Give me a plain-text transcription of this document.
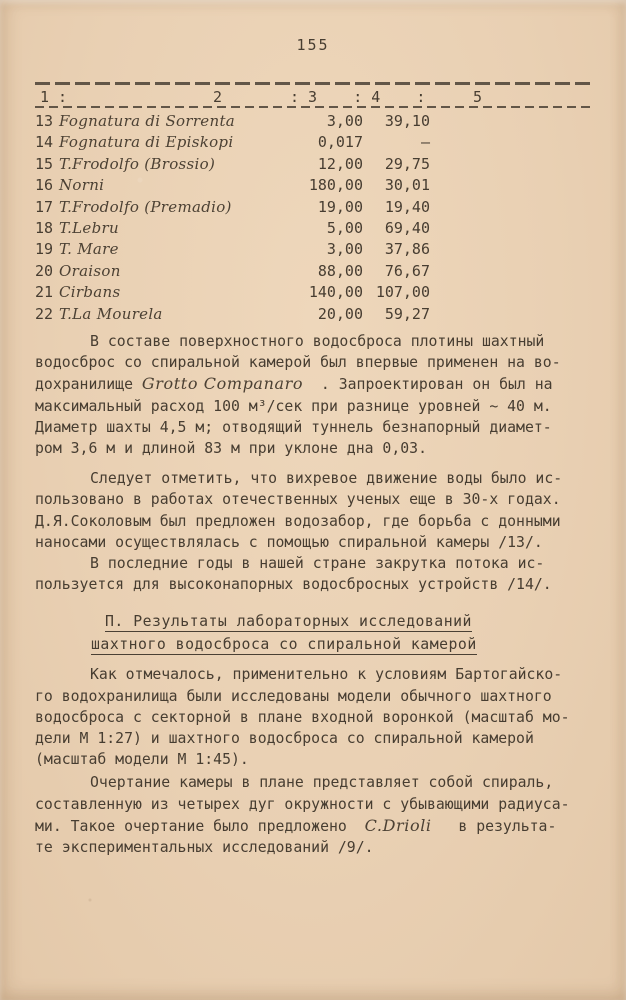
155
1 :	2	: 3    : 4    :	5
13 Fognatura di Sorrenta	3,00	39,10
14 Fognatura di Episkopi	0,017	–
15 T.Frodolfo (Brossio)	12,00	29,75
16 Norni	180,00	30,01
17 T.Frodolfo (Premadio)	19,00	19,40
18 T.Lebru	5,00	69,40
19 T. Mare	3,00	37,86
20 Oraison	88,00	76,67
21 Cirbans	140,00 107,00
22 T.La Mourela	20,00	59,27
В составе поверхностного водосброса плотины шахтный
водосброс со спиральной камерой был впервые применен на во-
дохранилище Grotto Companaro  . Запроектирован он был на
максимальный расход 100 м³/сек при разнице уровней ~ 40 м.
Диаметр шахты 4,5 м; отводящий туннель безнапорный диамет-
ром 3,6 м и длиной 83 м при уклоне дна 0,03.
Следует отметить, что вихревое движение воды было ис-
пользовано в работах отечественных ученых еще в 30-х годах.
Д.Я.Соколовым был предложен водозабор, где борьба с донными
наносами осуществлялась с помощью спиральной камеры /13/.
В последние годы в нашей стране закрутка потока ис-
пользуется для высоконапорных водосбросных устройств /14/.
П. Результаты лабораторных исследований
шахтного водосброса со спиральной камерой
Как отмечалось, применительно к условиям Бартогайско-
го водохранилища были исследованы модели обычного шахтного
водосброса с секторной в плане входной воронкой (масштаб мо-
дели М 1:27) и шахтного водосброса со спиральной камерой
(масштаб модели М 1:45).
Очертание камеры в плане представляет собой спираль,
составленную из четырех дуг окружности с убывающими радиуса-
ми. Такое очертание было предложено  C.Drioli   в результа-
те экспериментальных исследований /9/.
